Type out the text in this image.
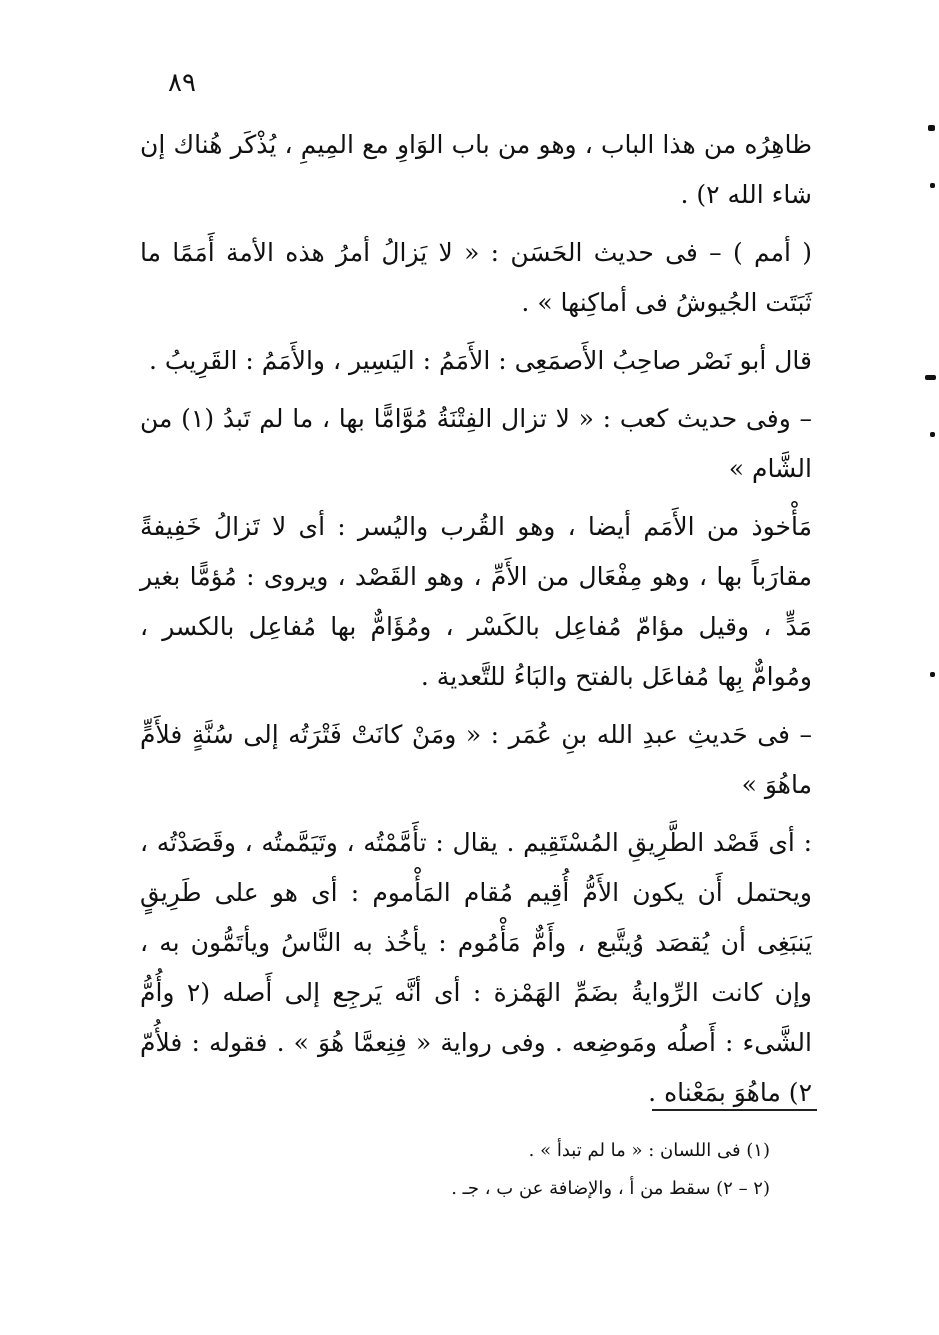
٨٩

ظاهِرُه من هذا الباب ، وهو من باب الوَاوِ مع المِيمِ ، يُذْكَر هُناك إن شاء الله ٢) .

( أمم ) – فى حديث الحَسَن : « لا يَزالُ أمرُ هذه الأمة أَمَمًا ما ثَبَتَت الجُيوشُ فى أماكِنها » .

قال أبو نَصْر صاحِبُ الأَصمَعِى : الأَمَمُ : اليَسِير ، والأَمَمُ : القَرِيبُ .

– وفى حديث كعب : « لا تزال الفِتْنَةُ مُوَّامًّا بها ، ما لم تَبدُ (١) من الشَّام »

مَأْخوذ من الأَمَم أيضا ، وهو القُرب واليُسر : أى لا تَزالُ خَفِيفةً مقارَباً بها ، وهو مِفْعَال من الأَمِّ ، وهو القَصْد ، ويروى : مُؤمًّا بغير مَدٍّ ، وقيل مؤامّ مُفاعِل بالكَسْر ، ومُؤَامٌّ بها مُفاعِل بالكسر ، ومُوامٌّ بِها مُفاعَل بالفتح والبَاءُ للتَّعدية .

– فى حَديثِ عبدِ الله بنِ عُمَر : « ومَنْ كانَتْ فَتْرَتُه إلى سُنَّةٍ فلأَمٍّ ماهُوَ »

: أى قَصْد الطَّرِيقِ المُسْتَقِيم . يقال : تأَمَّمْتُه ، وتَيَمَّمتُه ، وقَصَدْتُه ، ويحتمل أَن يكون الأَمُّ أُقِيم مُقام المَأْموم : أى هو على طَرِيقٍ يَنبَغِى أن يُقصَد وُيتَّبع ، وأَمٌّ مَأْمُوم : يأخُذ به النَّاسُ ويأتَمُّون به ، وإن كانت الرِّوايةُ بضَمِّ الهَمْزة : أى أنَّه يَرجِع إلى أَصله (٢ وأُمُّ الشَّىء : أَصلُه ومَوضِعه . وفى رواية « فِنِعمَّا هُوَ » . فقوله : فلأُمّ ٢) ماهُوَ بمَعْناه .

(١) فى اللسان : « ما لم تبدأ » .

(٢ – ٢) سقط من أ ، والإضافة عن ب ، جـ .
